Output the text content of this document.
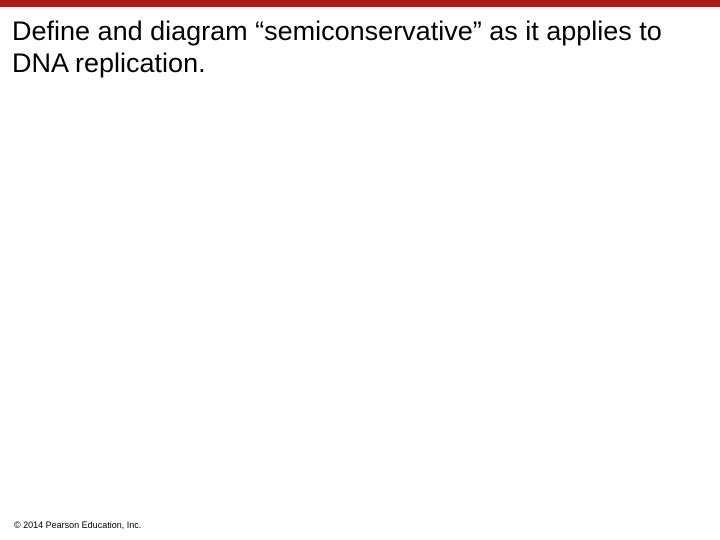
Define and diagram “semiconservative” as it applies to DNA replication.
© 2014 Pearson Education, Inc.
